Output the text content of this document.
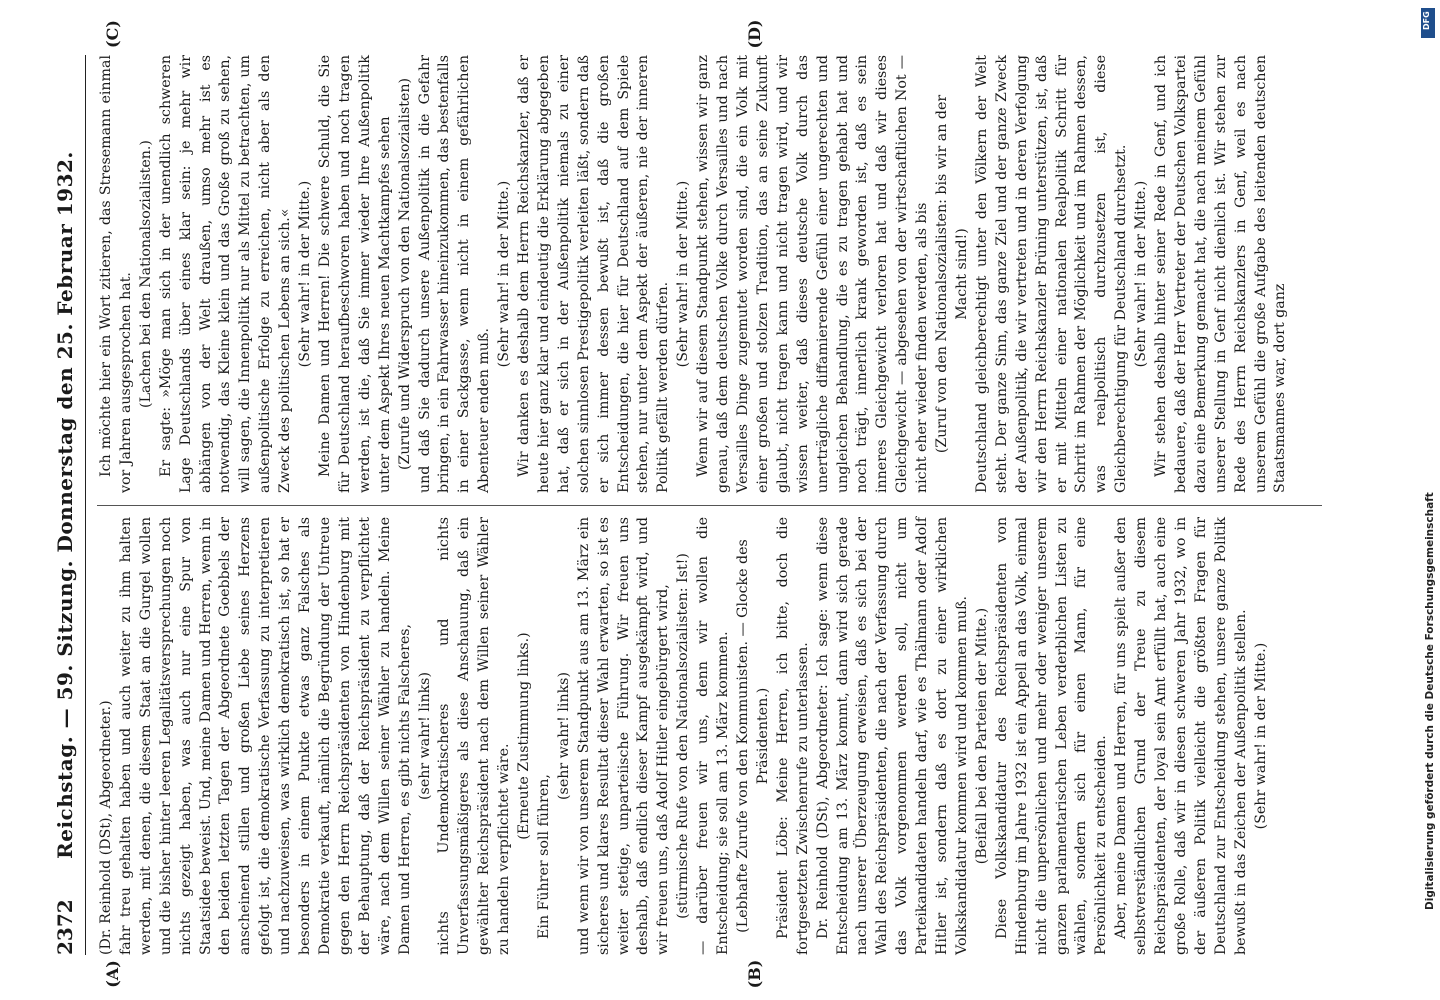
2372
Reichstag. — 59. Sitzung. Donnerstag den 25. Februar 1932.
(A)	(B)
(C)	(D)

(Dr. Reinhold (DSt), Abgeordneter.) fahr treu gehalten haben und auch weiter zu ihm halten werden, mit denen, die diesem Staat an die Gurgel wollen und die bisher hinter leeren Legalitätsversprechungen noch nichts gezeigt haben, was auch nur eine Spur von Staatsidee beweist. Und, meine Damen und Herren, wenn in den beiden letzten Tagen der Abgeordnete Goebbels der anscheinend stillen und großen Liebe seines Herzens gefolgt ist, die demokratische Verfassung zu interpretieren und nachzuweisen, was wirklich demokratisch ist, so hat er besonders in einem Punkte etwas ganz Falsches als Demokratie verkauft, nämlich die Begründung der Untreue gegen den Herrn Reichspräsidenten von Hindenburg mit der Behauptung, daß der Reichspräsident zu verpflichtet wäre, nach dem Willen seiner Wähler zu handeln. Meine Damen und Herren, es gibt nichts Falscheres, (sehr wahr! links) nichts Undemokratischeres und nichts Unverfassungsmäßigeres als diese Anschauung, daß ein gewählter Reichspräsident nach dem Willen seiner Wähler zu handeln verpflichtet wäre.

(Erneute Zustimmung links.)

Ein Führer soll führen,

(sehr wahr! links) und wenn wir von unserem Standpunkt aus am 13. März ein sicheres und klares Resultat dieser Wahl erwarten, so ist es weiter stetige, unparteiische Führung. Wir freuen uns deshalb, daß endlich dieser Kampf ausgekämpft wird, und wir freuen uns, daß Adolf Hitler eingebürgert wird, (stürmische Rufe von den Nationalsozialisten: Ist!) — darüber freuen wir uns, denn wir wollen die Entscheidung; sie soll am 13. März kommen. (Lebhafte Zurufe von den Kommunisten. — Glocke des Präsidenten.) Präsident Löbe: Meine Herren, ich bitte, doch die fortgesetzten Zwischenrufe zu unterlassen. Dr. Reinhold (DSt), Abgeordneter: Ich sage: wenn diese Entscheidung am 13. März kommt, dann wird sich gerade nach unserer Überzeugung erweisen, daß es sich bei der Wahl des Reichspräsidenten, die nach der Verfassung durch das Volk vorgenommen werden soll, nicht um Parteikandidaten handeln darf, wie es Thälmann oder Adolf Hitler ist, sondern daß es dort zu einer wirklichen Volkskandidatur kommen wird und kommen muß. (Beifall bei den Parteien der Mitte.) Diese Volkskandidatur des Reichspräsidenten von Hindenburg im Jahre 1932 ist ein Appell an das Volk, einmal nicht die unpersönlichen und mehr oder weniger unserem ganzen parlamentarischen Leben verderblichen Listen zu wählen, sondern sich für einen Mann, für eine Persönlichkeit zu entscheiden. Aber, meine Damen und Herren, für uns spielt außer den selbstverständlichen Grund der Treue zu diesem Reichspräsidenten, der loyal sein Amt erfüllt hat, auch eine große Rolle, daß wir in diesen schweren Jahr 1932, wo in der äußeren Politik vielleicht die größten Fragen für Deutschland zur Entscheidung stehen, unsere ganze Politik bewußt in das Zeichen der Außenpolitik stellen. (Sehr wahr! in der Mitte.)

Ich möchte hier ein Wort zitieren, das Stresemann einmal vor Jahren ausgesprochen hat. (Lachen bei den Nationalsozialisten.) Er sagte: »Möge man sich in der unendlich schweren Lage Deutschlands über eines klar sein: je mehr wir abhängen von der Welt draußen, umso mehr ist es notwendig, das Kleine klein und das Große groß zu sehen, will sagen, die Innenpolitik nur als Mittel zu betrachten, um außenpolitische Erfolge zu erreichen, nicht aber als den Zweck des politischen Lebens an sich.« (Sehr wahr! in der Mitte.) Meine Damen und Herren! Die schwere Schuld, die Sie für Deutschland heraufbeschworen haben und noch tragen werden, ist die, daß Sie immer wieder Ihre Außenpolitik unter dem Aspekt Ihres neuen Machtkampfes sehen (Zurufe und Widerspruch von den Nationalsozialisten) und daß Sie dadurch unsere Außenpolitik in die Gefahr bringen, in ein Fahrwasser hineinzukommen, das bestenfalls in einer Sackgasse, wenn nicht in einem gefährlichen Abenteuer enden muß.

(Sehr wahr! in der Mitte.) Wir danken es deshalb dem Herrn Reichskanzler, daß er heute hier ganz klar und eindeutig die Erklärung abgegeben hat, daß er sich in der Außenpolitik niemals zu einer solchen sinnlosen Prestigepolitik verleiten läßt, sondern daß er sich immer dessen bewußt ist, daß die großen Entscheidungen, die hier für Deutschland auf dem Spiele stehen, nur unter dem Aspekt der äußeren, nie der inneren Politik gefällt werden dürfen.

(Sehr wahr! in der Mitte.) Wenn wir auf diesem Standpunkt stehen, wissen wir ganz genau, daß dem deutschen Volke durch Versailles und nach Versailles Dinge zugemutet worden sind, die ein Volk mit einer großen und stolzen Tradition, das an seine Zukunft glaubt, nicht tragen kann und nicht tragen wird, und wir wissen weiter, daß dieses deutsche Volk durch das unerträgliche diffamierende Gefühl einer ungerechten und ungleichen Behandlung, die es zu tragen gehabt hat und noch trägt, innerlich krank geworden ist, daß es sein inneres Gleichgewicht verloren hat und daß wir dieses Gleichgewicht — abgesehen von der wirtschaftlichen Not — nicht eher wieder finden werden, als bis (Zuruf von den Nationalsozialisten: bis wir an der Macht sind!) Deutschland gleichberechtigt unter den Völkern der Welt steht. Der ganze Sinn, das ganze Ziel und der ganze Zweck der Außenpolitik, die wir vertreten und in deren Verfolgung wir den Herrn Reichskanzler Brüning unterstützen, ist, daß er mit Mitteln einer nationalen Realpolitik Schritt für Schritt im Rahmen der Möglichkeit und im Rahmen dessen, was realpolitisch durchzusetzen ist, diese Gleichberechtigung für Deutschland durchsetzt. (Sehr wahr! in der Mitte.) Wir stehen deshalb hinter seiner Rede in Genf, und ich bedauere, daß der Herr Vertreter der Deutschen Volkspartei dazu eine Bemerkung gemacht hat, die nach meinem Gefühl unserer Stellung in Genf nicht dienlich ist. Wir stehen zur Rede des Herrn Reichskanzlers in Genf, weil es nach unserem Gefühl die große Aufgabe des leitenden deutschen Staatsmannes war, dort ganz

Digitalisierung gefördert durch die Deutsche Forschungsgemeinschaft
DFG
